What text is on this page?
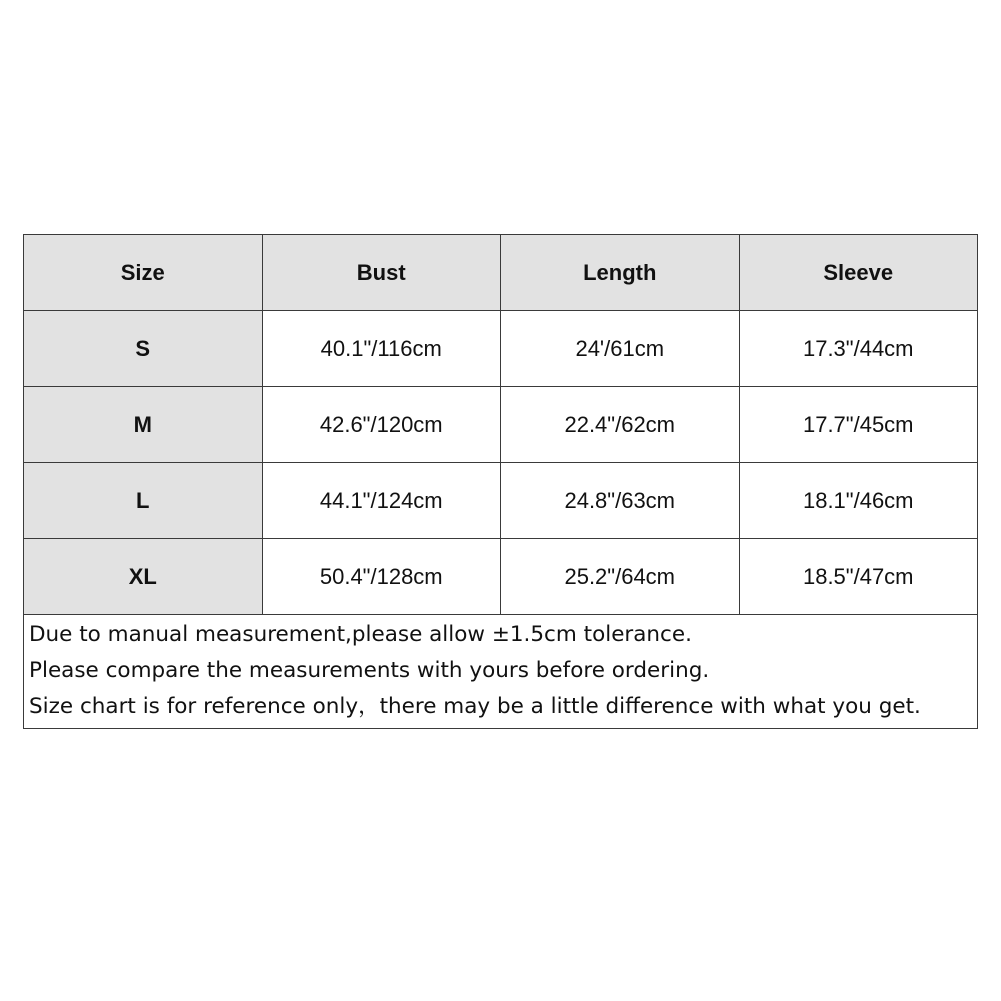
Size	Bust	Length	Sleeve
S	40.1"/116cm	24'/61cm	17.3"/44cm
M	42.6"/120cm	22.4"/62cm	17.7"/45cm
L	44.1"/124cm	24.8"/63cm	18.1"/46cm
XL	50.4"/128cm	25.2"/64cm	18.5"/47cm

Due to manual measurement,please allow ±1.5cm tolerance.
Please compare the measurements with yours before ordering.
Size chart is for reference only，there may be a little difference with what you get.			
